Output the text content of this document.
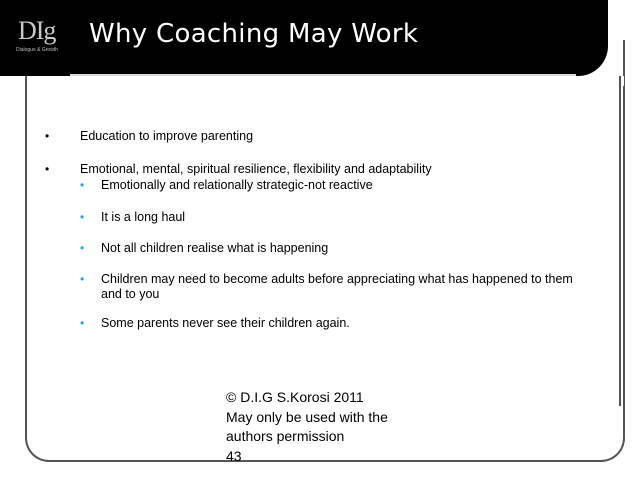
DIg
Dialogue & Growth
Why Coaching May Work
•	Education to improve parenting
•	Emotional, mental, spiritual resilience, flexibility and adaptability
•	Emotionally and relationally strategic-not reactive
•	It is a long haul
•	Not all children realise what is happening
•	Children may need to become adults before appreciating what has happened to them and to you
•	Some parents never see their children again.
© D.I.G S.Korosi 2011
May only be used with the
authors permission
43
